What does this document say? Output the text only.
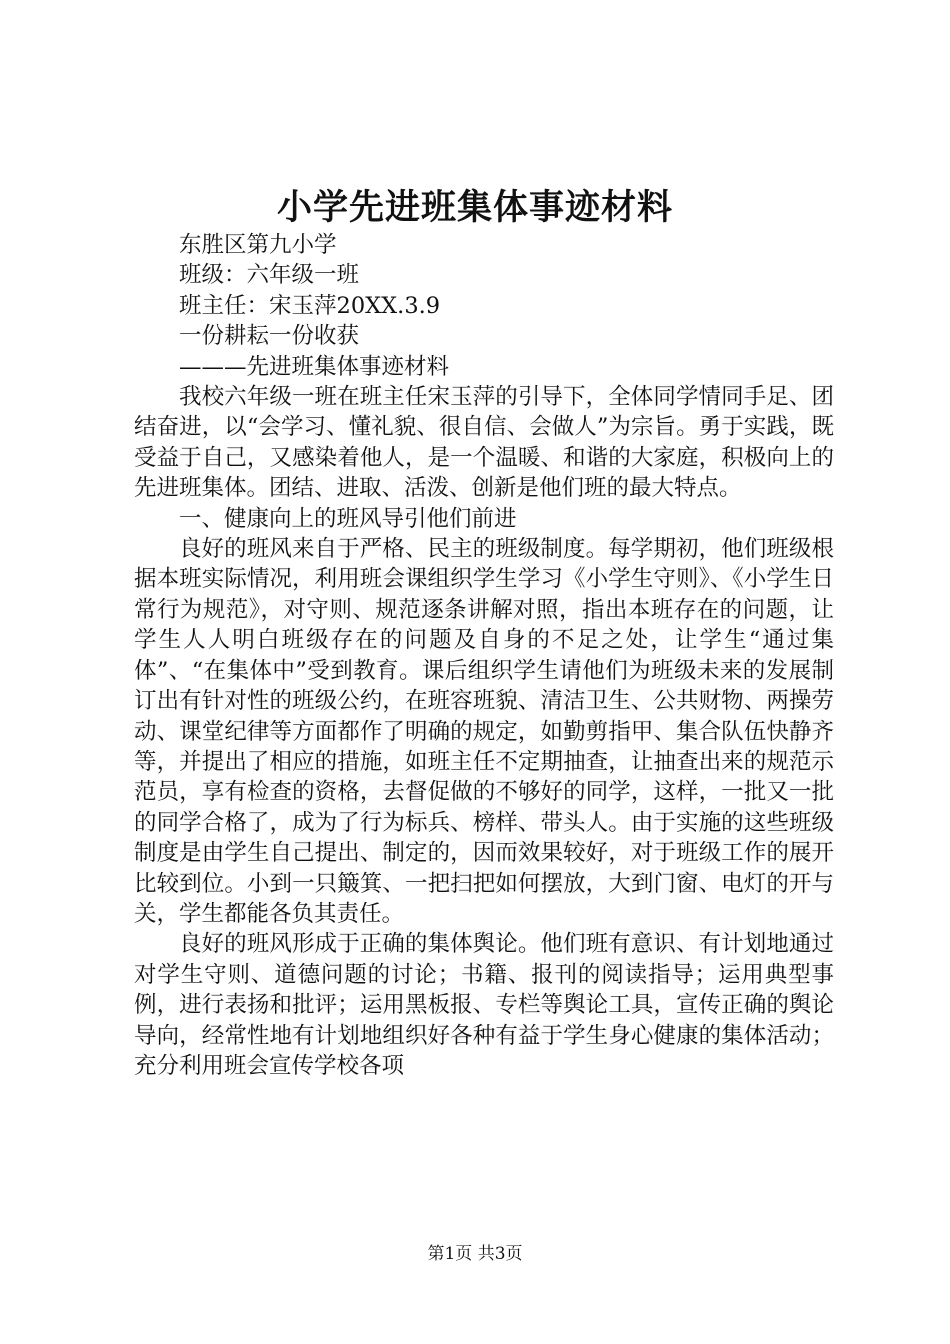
小学先进班集体事迹材料

东胜区第九小学

班级：六年级一班

班主任：宋玉萍20XX.3.9

一份耕耘一份收获

———先进班集体事迹材料

我校六年级一班在班主任宋玉萍的引导下，全体同学情同手足、团结奋进，以“会学习、懂礼貌、很自信、会做人”为宗旨。勇于实践，既受益于自己，又感染着他人，是一个温暖、和谐的大家庭，积极向上的先进班集体。团结、进取、活泼、创新是他们班的最大特点。

一、健康向上的班风导引他们前进

良好的班风来自于严格、民主的班级制度。每学期初，他们班级根据本班实际情况，利用班会课组织学生学习《小学生守则》、《小学生日常行为规范》，对守则、规范逐条讲解对照，指出本班存在的问题，让学生人人明白班级存在的问题及自身的不足之处，让学生“通过集体”、“在集体中”受到教育。课后组织学生请他们为班级未来的发展制订出有针对性的班级公约，在班容班貌、清洁卫生、公共财物、两操劳动、课堂纪律等方面都作了明确的规定，如勤剪指甲、集合队伍快静齐等，并提出了相应的措施，如班主任不定期抽查，让抽查出来的规范示范员，享有检查的资格，去督促做的不够好的同学，这样，一批又一批的同学合格了，成为了行为标兵、榜样、带头人。由于实施的这些班级制度是由学生自己提出、制定的，因而效果较好，对于班级工作的展开比较到位。小到一只簸箕、一把扫把如何摆放，大到门窗、电灯的开与关，学生都能各负其责任。

良好的班风形成于正确的集体舆论。他们班有意识、有计划地通过对学生守则、道德问题的讨论；书籍、报刊的阅读指导；运用典型事例，进行表扬和批评；运用黑板报、专栏等舆论工具，宣传正确的舆论导向，经常性地有计划地组织好各种有益于学生身心健康的集体活动；充分利用班会宣传学校各项

第1页 共3页
